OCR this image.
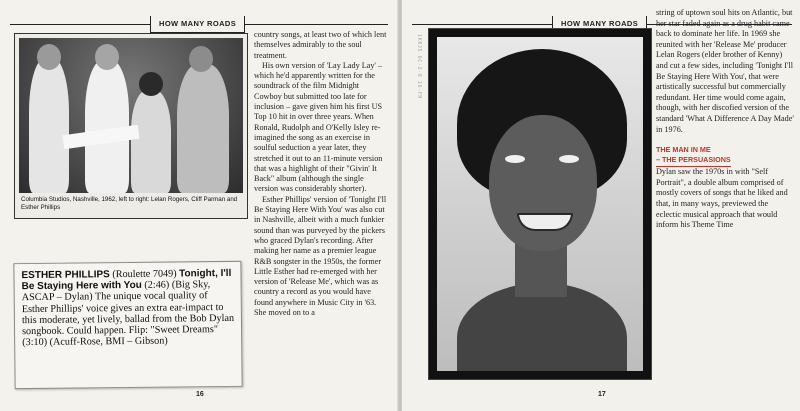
HOW MANY ROADS
Columbia Studios, Nashville, 1962, left to right: Lelan Rogers, Cliff Parman and Esther Phillips
ESTHER PHILLIPS (Roulette 7049) Tonight, I'll Be Staying Here with You (2:46) (Big Sky, ASCAP – Dylan) The unique vocal quality of Esther Phillips' voice gives an extra ear-impact to this moderate, yet lively, ballad from the Bob Dylan songbook. Could happen. Flip: "Sweet Dreams" (3:10) (Acuff-Rose, BMI – Gibson)

country songs, at least two of which lent themselves admirably to the soul treatment.

His own version of 'Lay Lady Lay' – which he'd apparently written for the soundtrack of the film Midnight Cowboy but submitted too late for inclusion – gave given him his first US Top 10 hit in over three years. When Ronald, Rudolph and O'Kelly Isley re-imagined the song as an exercise in soulful seduction a year later, they stretched it out to an 11-minute version that was a highlight of their "Givin' It Back" album (although the single version was considerably shorter).

Esther Phillips' version of 'Tonight I'll Be Staying Here With You' was also cut in Nashville, albeit with a much funkier sound than was purveyed by the pickers who graced Dylan's recording. After making her name as a premier league R&B songster in the 1950s, the former Little Esther had re-emerged with her version of 'Release Me', which was as country a record as you would have found anywhere in Music City in '63. She moved on to a

16
HOW MANY ROADS
1K0J5 6C-2-8 16-FH

string of uptown soul hits on Atlantic, but her star faded again as a drug habit came back to dominate her life. In 1969 she reunited with her 'Release Me' producer Lelan Rogers (elder brother of Kenny) and cut a few sides, including 'Tonight I'll Be Staying Here With You', that were artistically successful but commercially redundant. Her time would come again, though, with her discofied version of the standard 'What A Difference A Day Made' in 1976.

THE MAN IN ME
– THE PERSUASIONS

Dylan saw the 1970s in with "Self Portrait", a double album comprised of mostly covers of songs that he liked and that, in many ways, previewed the eclectic musical approach that would inform his Theme Time

17
